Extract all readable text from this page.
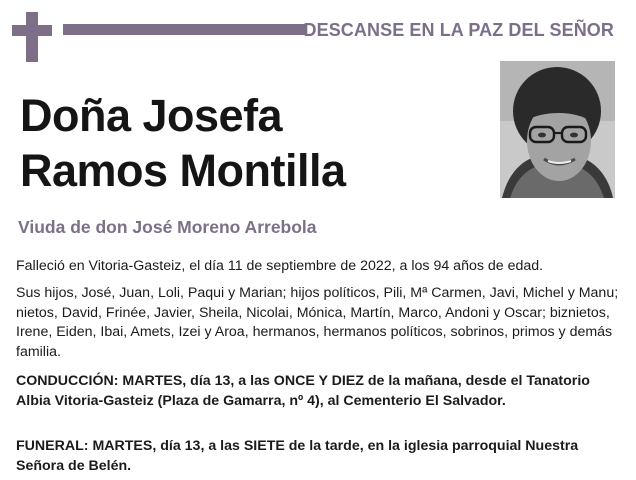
DESCANSE EN LA PAZ DEL SEÑOR
Doña Josefa
Ramos Montilla
Viuda de don José Moreno Arrebola
Falleció en Vitoria-Gasteiz, el día 11 de septiembre de 2022, a los 94 años de edad.
Sus hijos, José, Juan, Loli, Paqui y Marian; hijos políticos, Pili, Mª Carmen, Javi, Michel y Manu; nietos, David, Frinée, Javier, Sheila, Nicolai, Mónica, Martín, Marco, Andoni y Oscar; biznietos, Irene, Eiden, Ibai, Amets, Izei y Aroa, hermanos, hermanos políticos, sobrinos, primos y demás familia.
CONDUCCIÓN: MARTES, día 13, a las ONCE Y DIEZ de la mañana, desde el Tanatorio Albia Vitoria-Gasteiz (Plaza de Gamarra, nº 4), al Cementerio El Salvador.
FUNERAL: MARTES, día 13, a las SIETE de la tarde, en la iglesia parroquial Nuestra Señora de Belén.
